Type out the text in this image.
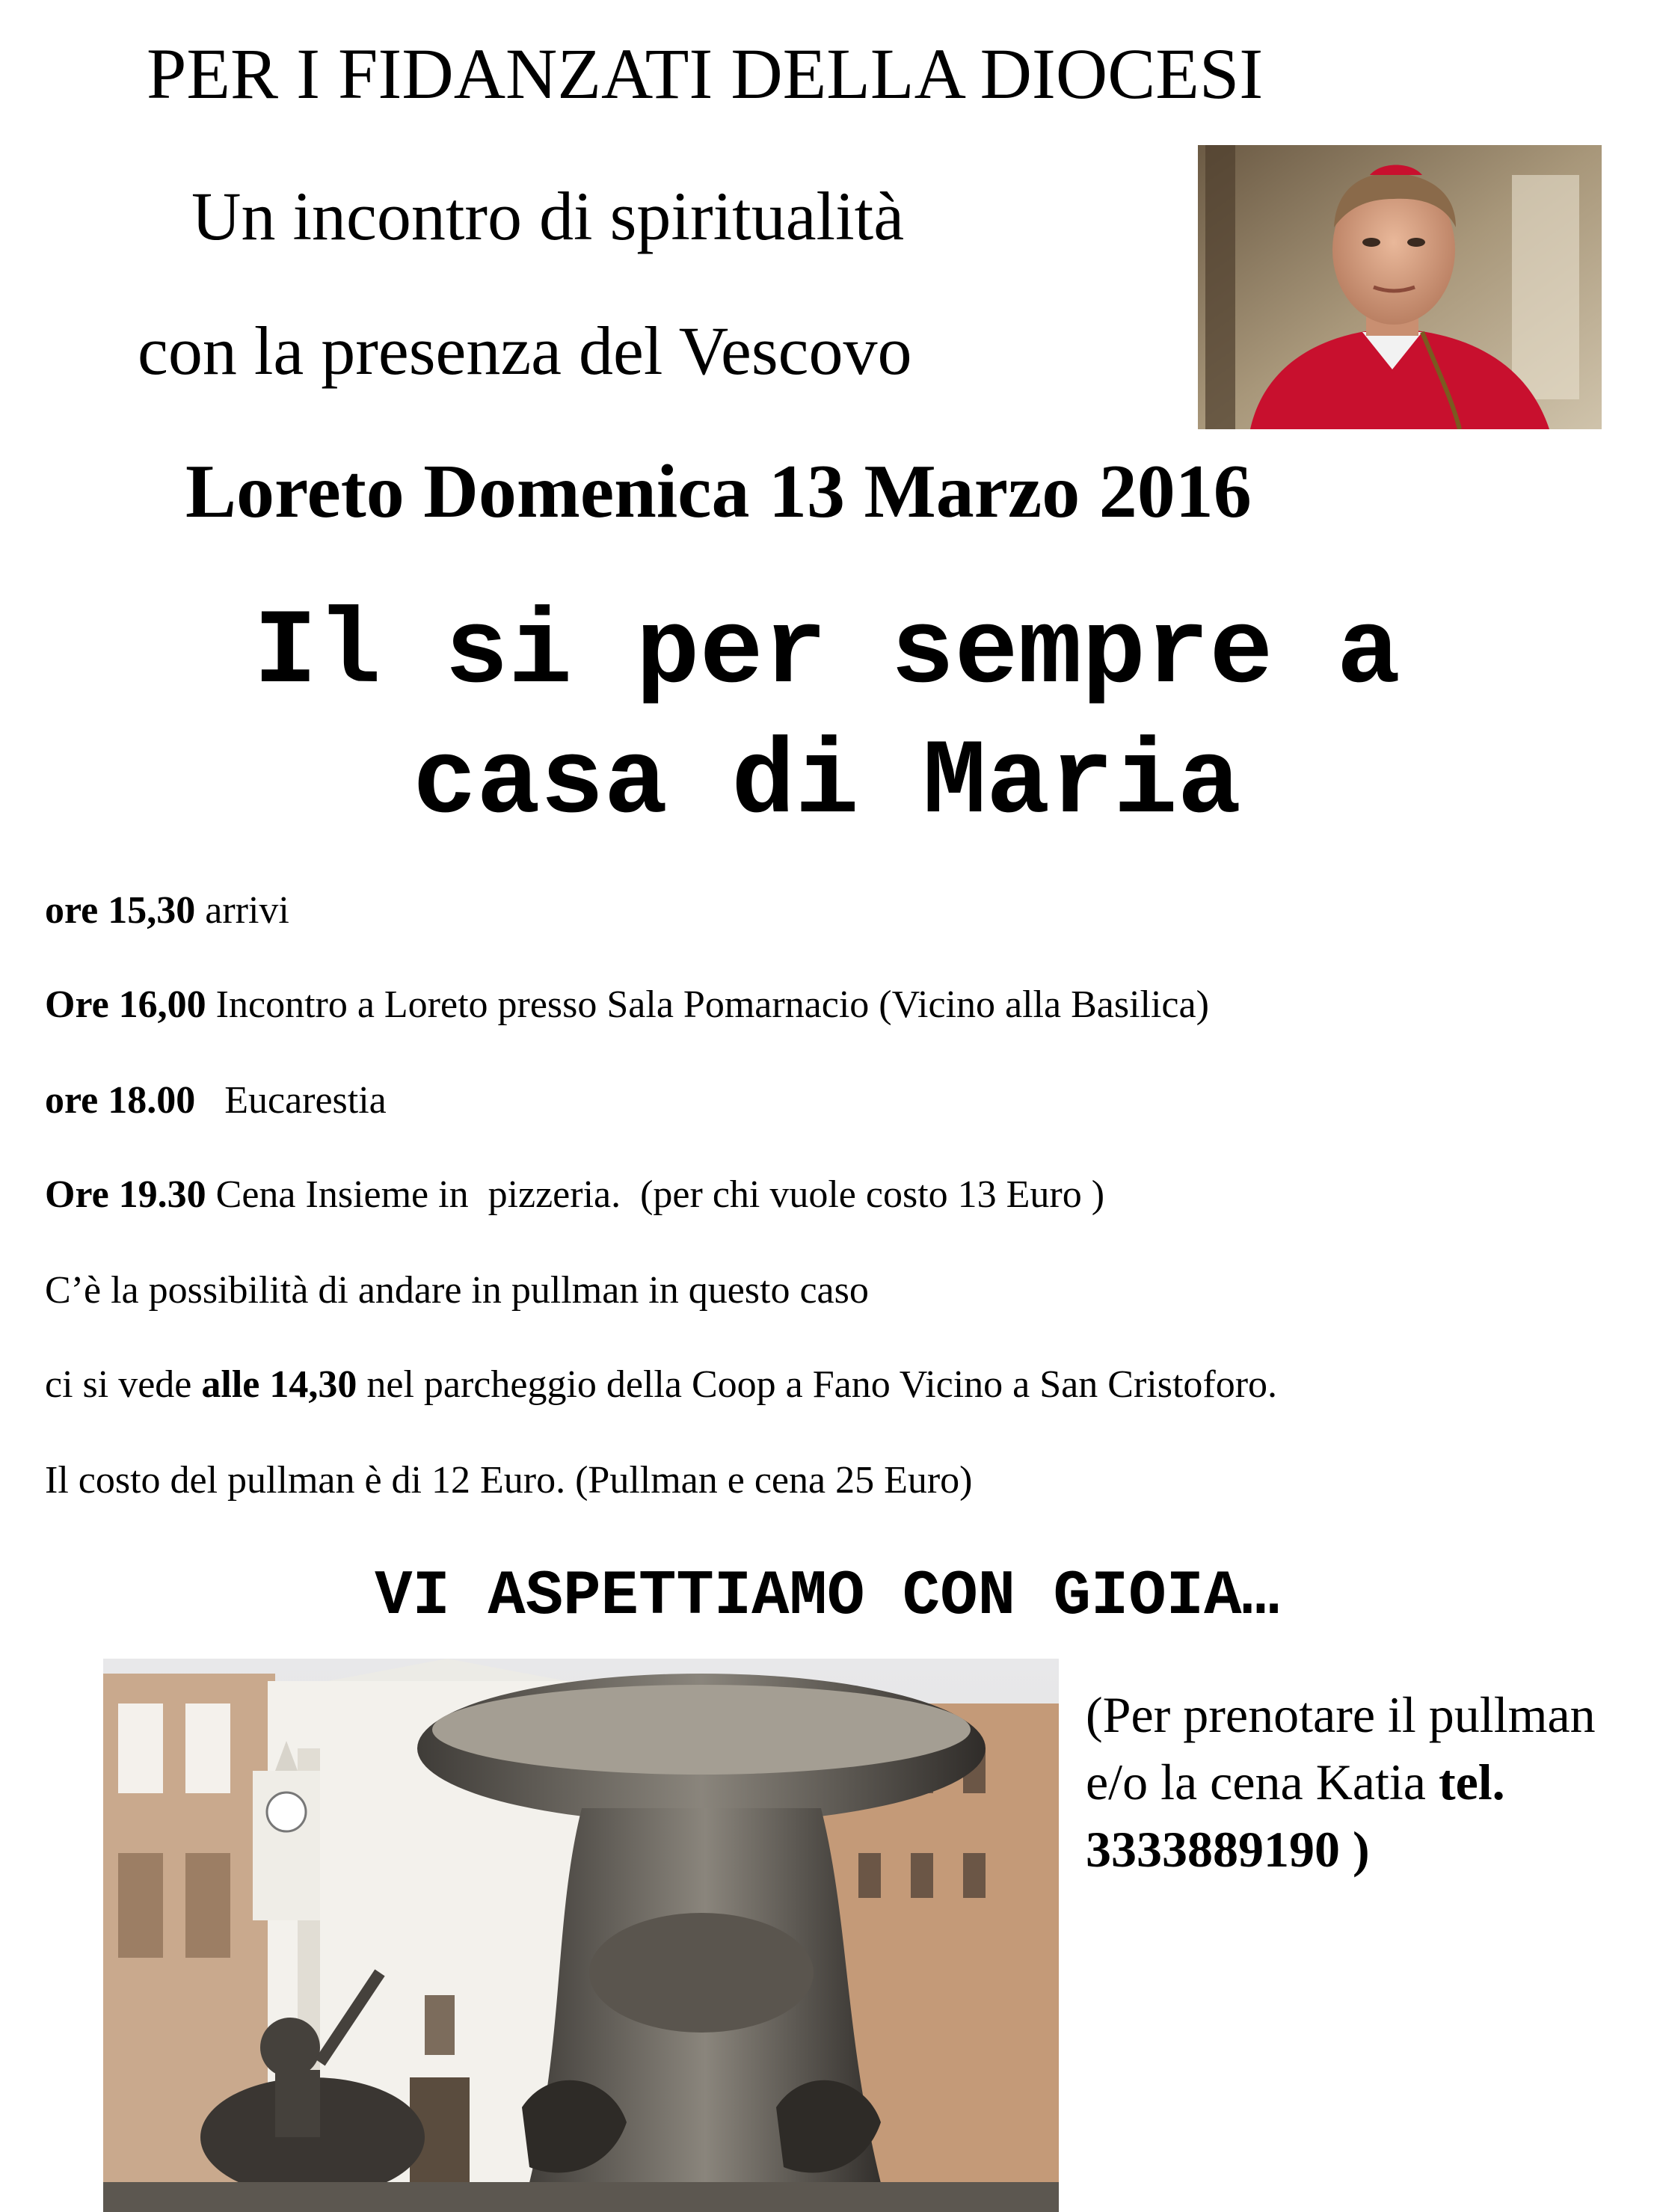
PER I FIDANZATI DELLA DIOCESI
Un incontro di spiritualità
con la presenza del Vescovo
Loreto Domenica 13 Marzo 2016
Il si per sempre a
casa di Maria
ore 15,30 arrivi
Ore 16,00 Incontro a Loreto presso Sala Pomarnacio (Vicino alla Basilica)
ore 18.00   Eucarestia
Ore 19.30 Cena Insieme in  pizzeria.  (per chi vuole costo 13 Euro )
C’è la possibilità di andare in pullman in questo caso
ci si vede alle 14,30 nel parcheggio della Coop a Fano Vicino a San Cristoforo.
Il costo del pullman è di 12 Euro. (Pullman e cena 25 Euro)
VI ASPETTIAMO CON GIOIA…
(Per prenotare il pullman e/o la cena Katia tel.
3333889190 )
